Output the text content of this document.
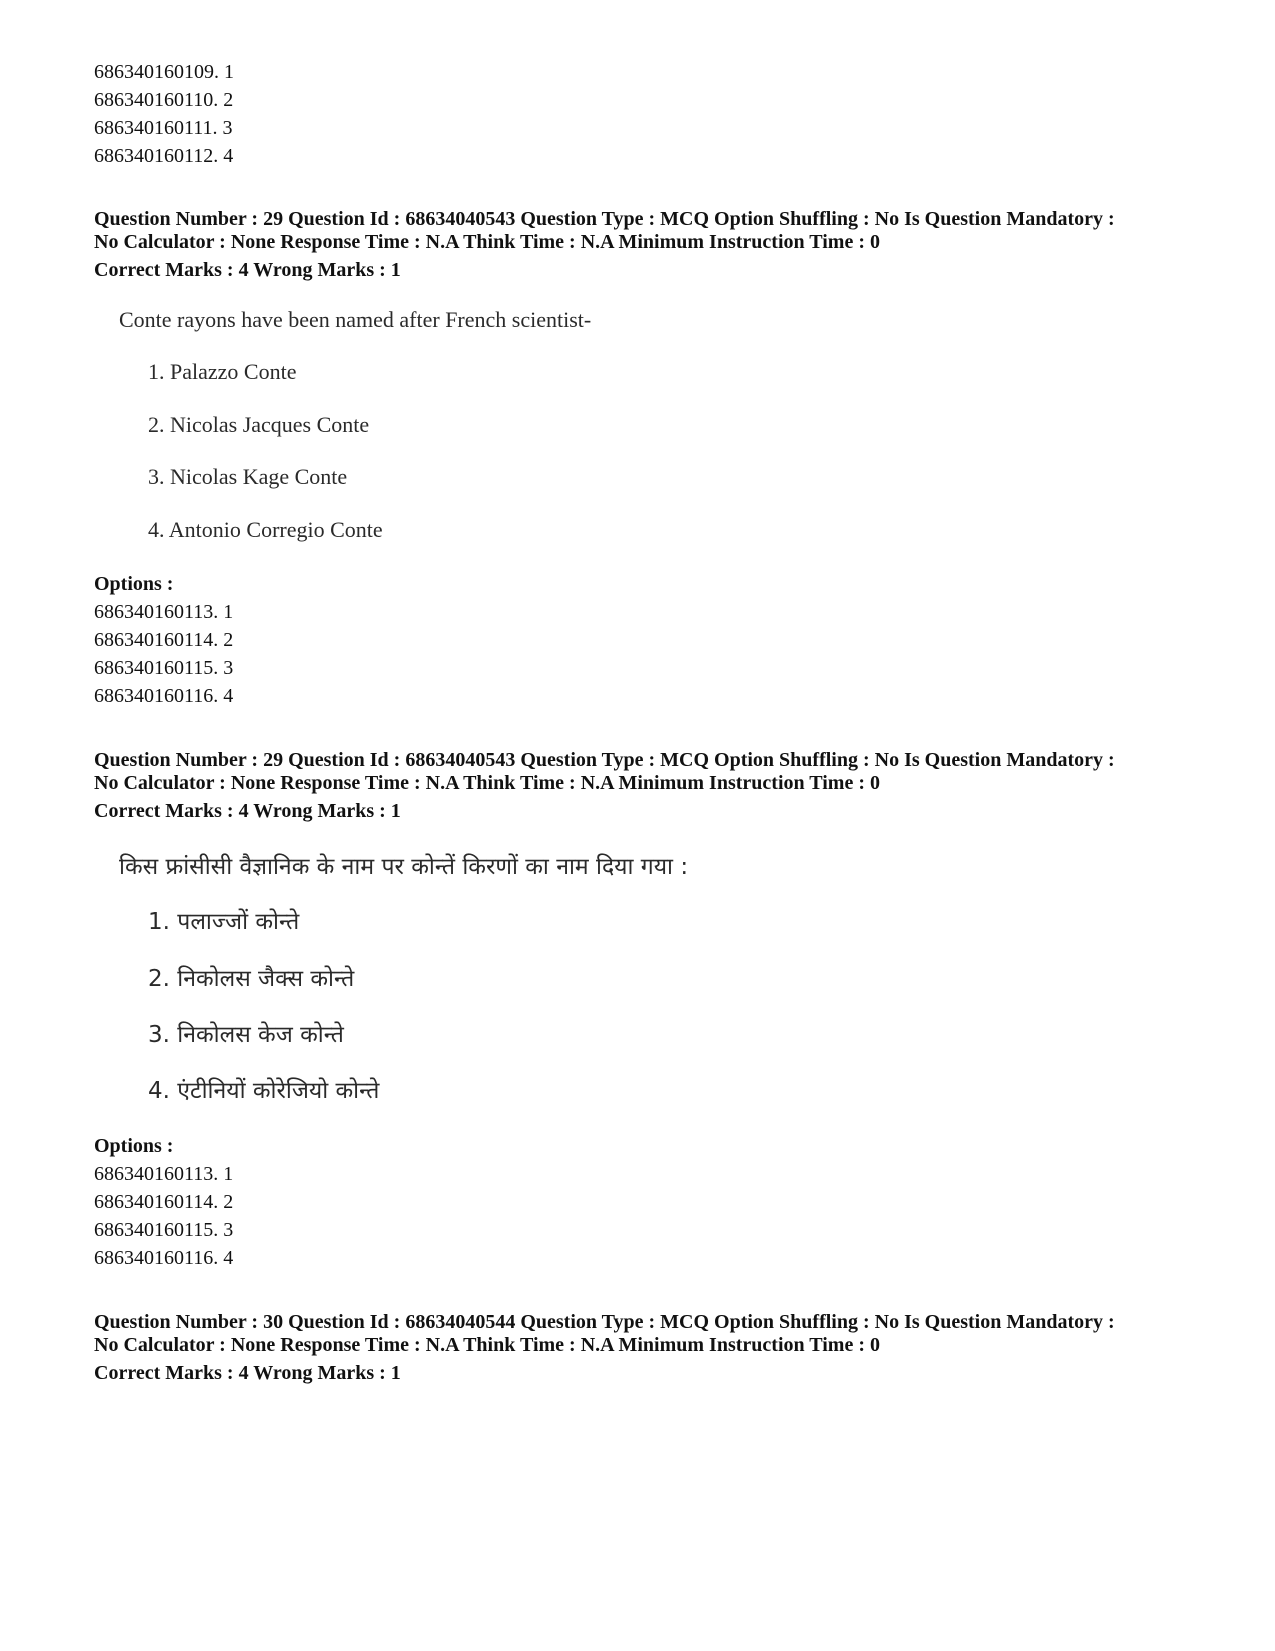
686340160109. 1
686340160110. 2
686340160111. 3
686340160112. 4
Question Number : 29 Question Id : 68634040543 Question Type : MCQ Option Shuffling : No Is Question Mandatory :
No Calculator : None Response Time : N.A Think Time : N.A Minimum Instruction Time : 0
Correct Marks : 4 Wrong Marks : 1
Conte rayons have been named after French scientist-
1. Palazzo Conte
2. Nicolas Jacques Conte
3. Nicolas Kage Conte
4. Antonio Corregio Conte
Options :
686340160113. 1
686340160114. 2
686340160115. 3
686340160116. 4
Question Number : 29 Question Id : 68634040543 Question Type : MCQ Option Shuffling : No Is Question Mandatory :
No Calculator : None Response Time : N.A Think Time : N.A Minimum Instruction Time : 0
Correct Marks : 4 Wrong Marks : 1
किस फ्रांसीसी वैज्ञानिक के नाम पर कोन्तें किरणों का नाम दिया गया :
1. पलाज्जों कोन्ते
2. निकोलस जैक्स कोन्ते
3. निकोलस केज कोन्ते
4. एंटीनियों कोरेजियो कोन्ते
Options :
686340160113. 1
686340160114. 2
686340160115. 3
686340160116. 4
Question Number : 30 Question Id : 68634040544 Question Type : MCQ Option Shuffling : No Is Question Mandatory :
No Calculator : None Response Time : N.A Think Time : N.A Minimum Instruction Time : 0
Correct Marks : 4 Wrong Marks : 1
